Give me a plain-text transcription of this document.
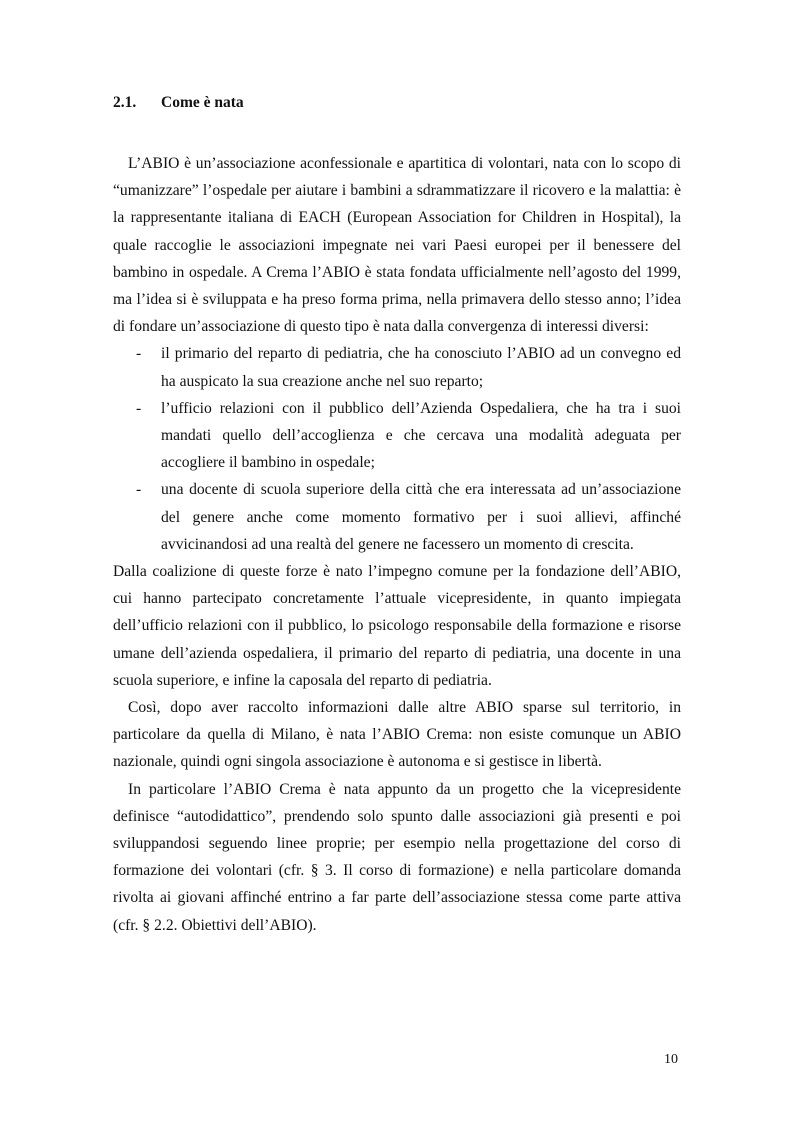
2.1.	Come è nata

L’ABIO è un’associazione aconfessionale e apartitica di volontari, nata con lo scopo di “umanizzare” l’ospedale per aiutare i bambini a sdrammatizzare il ricovero e la malattia: è la rappresentante italiana di EACH (European Association for Children in Hospital), la quale raccoglie le associazioni impegnate nei vari Paesi europei per il benessere del bambino in ospedale. A Crema l’ABIO è stata fondata ufficialmente nell’agosto del 1999, ma l’idea si è sviluppata e ha preso forma prima, nella primavera dello stesso anno; l’idea di fondare un’associazione di questo tipo è nata dalla convergenza di interessi diversi:

- il primario del reparto di pediatria, che ha conosciuto l’ABIO ad un convegno ed ha auspicato la sua creazione anche nel suo reparto;
- l’ufficio relazioni con il pubblico dell’Azienda Ospedaliera, che ha tra i suoi mandati quello dell’accoglienza e che cercava una modalità adeguata per accogliere il bambino in ospedale;
- una docente di scuola superiore della città che era interessata ad un’associazione del genere anche come momento formativo per i suoi allievi, affinché avvicinandosi ad una realtà del genere ne facessero un momento di crescita.

Dalla coalizione di queste forze è nato l’impegno comune per la fondazione dell’ABIO, cui hanno partecipato concretamente l’attuale vicepresidente, in quanto impiegata dell’ufficio relazioni con il pubblico, lo psicologo responsabile della formazione e risorse umane dell’azienda ospedaliera, il primario del reparto di pediatria, una docente in una scuola superiore, e infine la caposala del reparto di pediatria.

Così, dopo aver raccolto informazioni dalle altre ABIO sparse sul territorio, in particolare da quella di Milano, è nata l’ABIO Crema: non esiste comunque un ABIO nazionale, quindi ogni singola associazione è autonoma e si gestisce in libertà.

In particolare l’ABIO Crema è nata appunto da un progetto che la vicepresidente definisce “autodidattico”, prendendo solo spunto dalle associazioni già presenti e poi sviluppandosi seguendo linee proprie; per esempio nella progettazione del corso di formazione dei volontari (cfr. § 3. Il corso di formazione) e nella particolare domanda rivolta ai giovani affinché entrino a far parte dell’associazione stessa come parte attiva (cfr. § 2.2. Obiettivi dell’ABIO).

10
